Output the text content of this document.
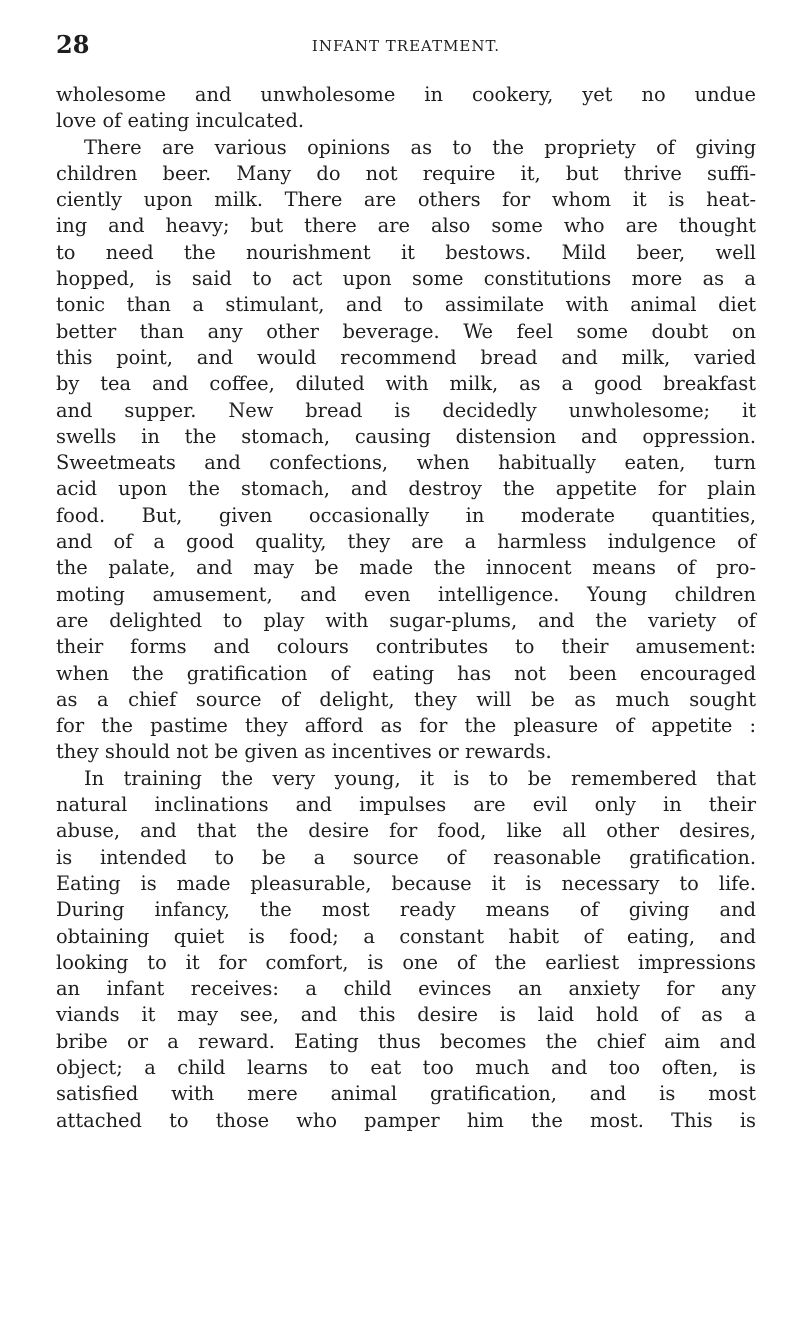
28	INFANT TREATMENT.
wholesome and unwholesome in cookery, yet no undue
love of eating inculcated.
There are various opinions as to the propriety of giving
children beer. Many do not require it, but thrive suffi-
ciently upon milk. There are others for whom it is heat-
ing and heavy; but there are also some who are thought
to need the nourishment it bestows. Mild beer, well
hopped, is said to act upon some constitutions more as a
tonic than a stimulant, and to assimilate with animal diet
better than any other beverage. We feel some doubt on
this point, and would recommend bread and milk, varied
by tea and coffee, diluted with milk, as a good breakfast
and supper. New bread is decidedly unwholesome; it
swells in the stomach, causing distension and oppression.
Sweetmeats and confections, when habitually eaten, turn
acid upon the stomach, and destroy the appetite for plain
food. But, given occasionally in moderate quantities,
and of a good quality, they are a harmless indulgence of
the palate, and may be made the innocent means of pro-
moting amusement, and even intelligence. Young children
are delighted to play with sugar-plums, and the variety of
their forms and colours contributes to their amusement:
when the gratification of eating has not been encouraged
as a chief source of delight, they will be as much sought
for the pastime they afford as for the pleasure of appetite :
they should not be given as incentives or rewards.
In training the very young, it is to be remembered that
natural inclinations and impulses are evil only in their
abuse, and that the desire for food, like all other desires,
is intended to be a source of reasonable gratification.
Eating is made pleasurable, because it is necessary to life.
During infancy, the most ready means of giving and
obtaining quiet is food; a constant habit of eating, and
looking to it for comfort, is one of the earliest impressions
an infant receives: a child evinces an anxiety for any
viands it may see, and this desire is laid hold of as a
bribe or a reward. Eating thus becomes the chief aim and
object; a child learns to eat too much and too often, is
satisfied with mere animal gratification, and is most
attached to those who pamper him the most. This is
